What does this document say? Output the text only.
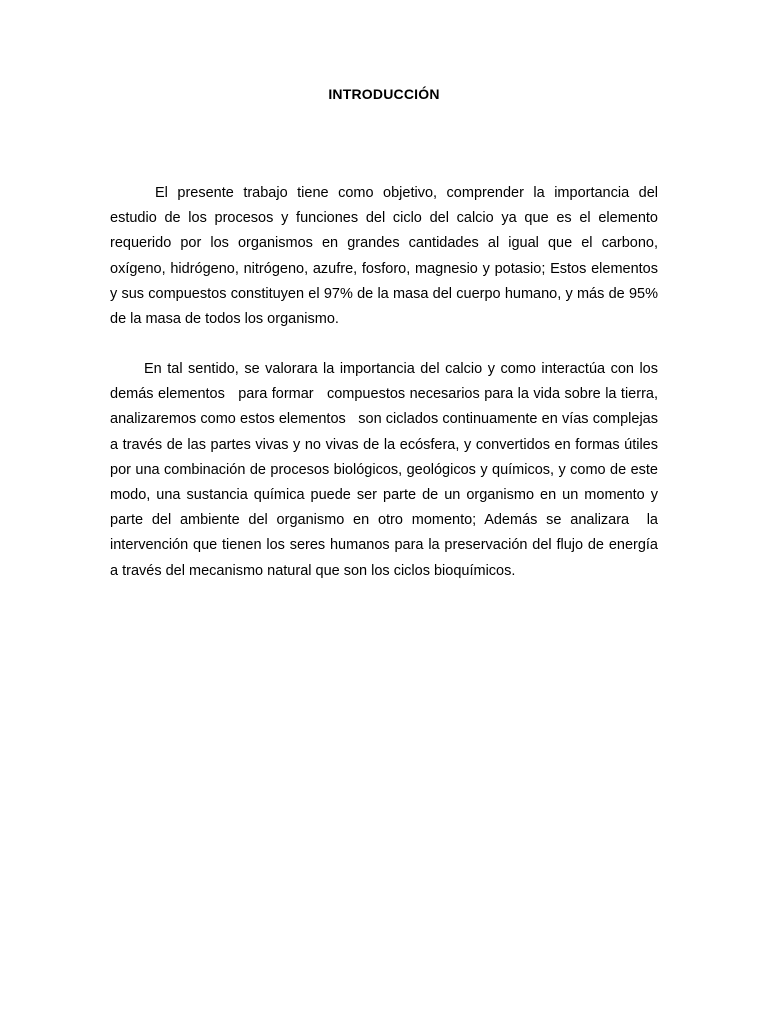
INTRODUCCIÓN

El presente trabajo tiene como objetivo, comprender la importancia del estudio de los procesos y funciones del ciclo del calcio ya que es el elemento requerido por los organismos en grandes cantidades al igual que el carbono, oxígeno, hidrógeno, nitrógeno, azufre, fosforo, magnesio y potasio; Estos elementos y sus compuestos constituyen el 97% de la masa del cuerpo humano, y más de 95% de la masa de todos los organismo.

En tal sentido, se valorara la importancia del calcio y como interactúa con los demás elementos   para formar   compuestos necesarios para la vida sobre la tierra, analizaremos como estos elementos   son ciclados continuamente en vías complejas a través de las partes vivas y no vivas de la ecósfera, y convertidos en formas útiles por una combinación de procesos biológicos, geológicos y químicos, y como de este modo, una sustancia química puede ser parte de un organismo en un momento y parte del ambiente del organismo en otro momento; Además se analizara  la intervención que tienen los seres humanos para la preservación del flujo de energía a través del mecanismo natural que son los ciclos bioquímicos.
